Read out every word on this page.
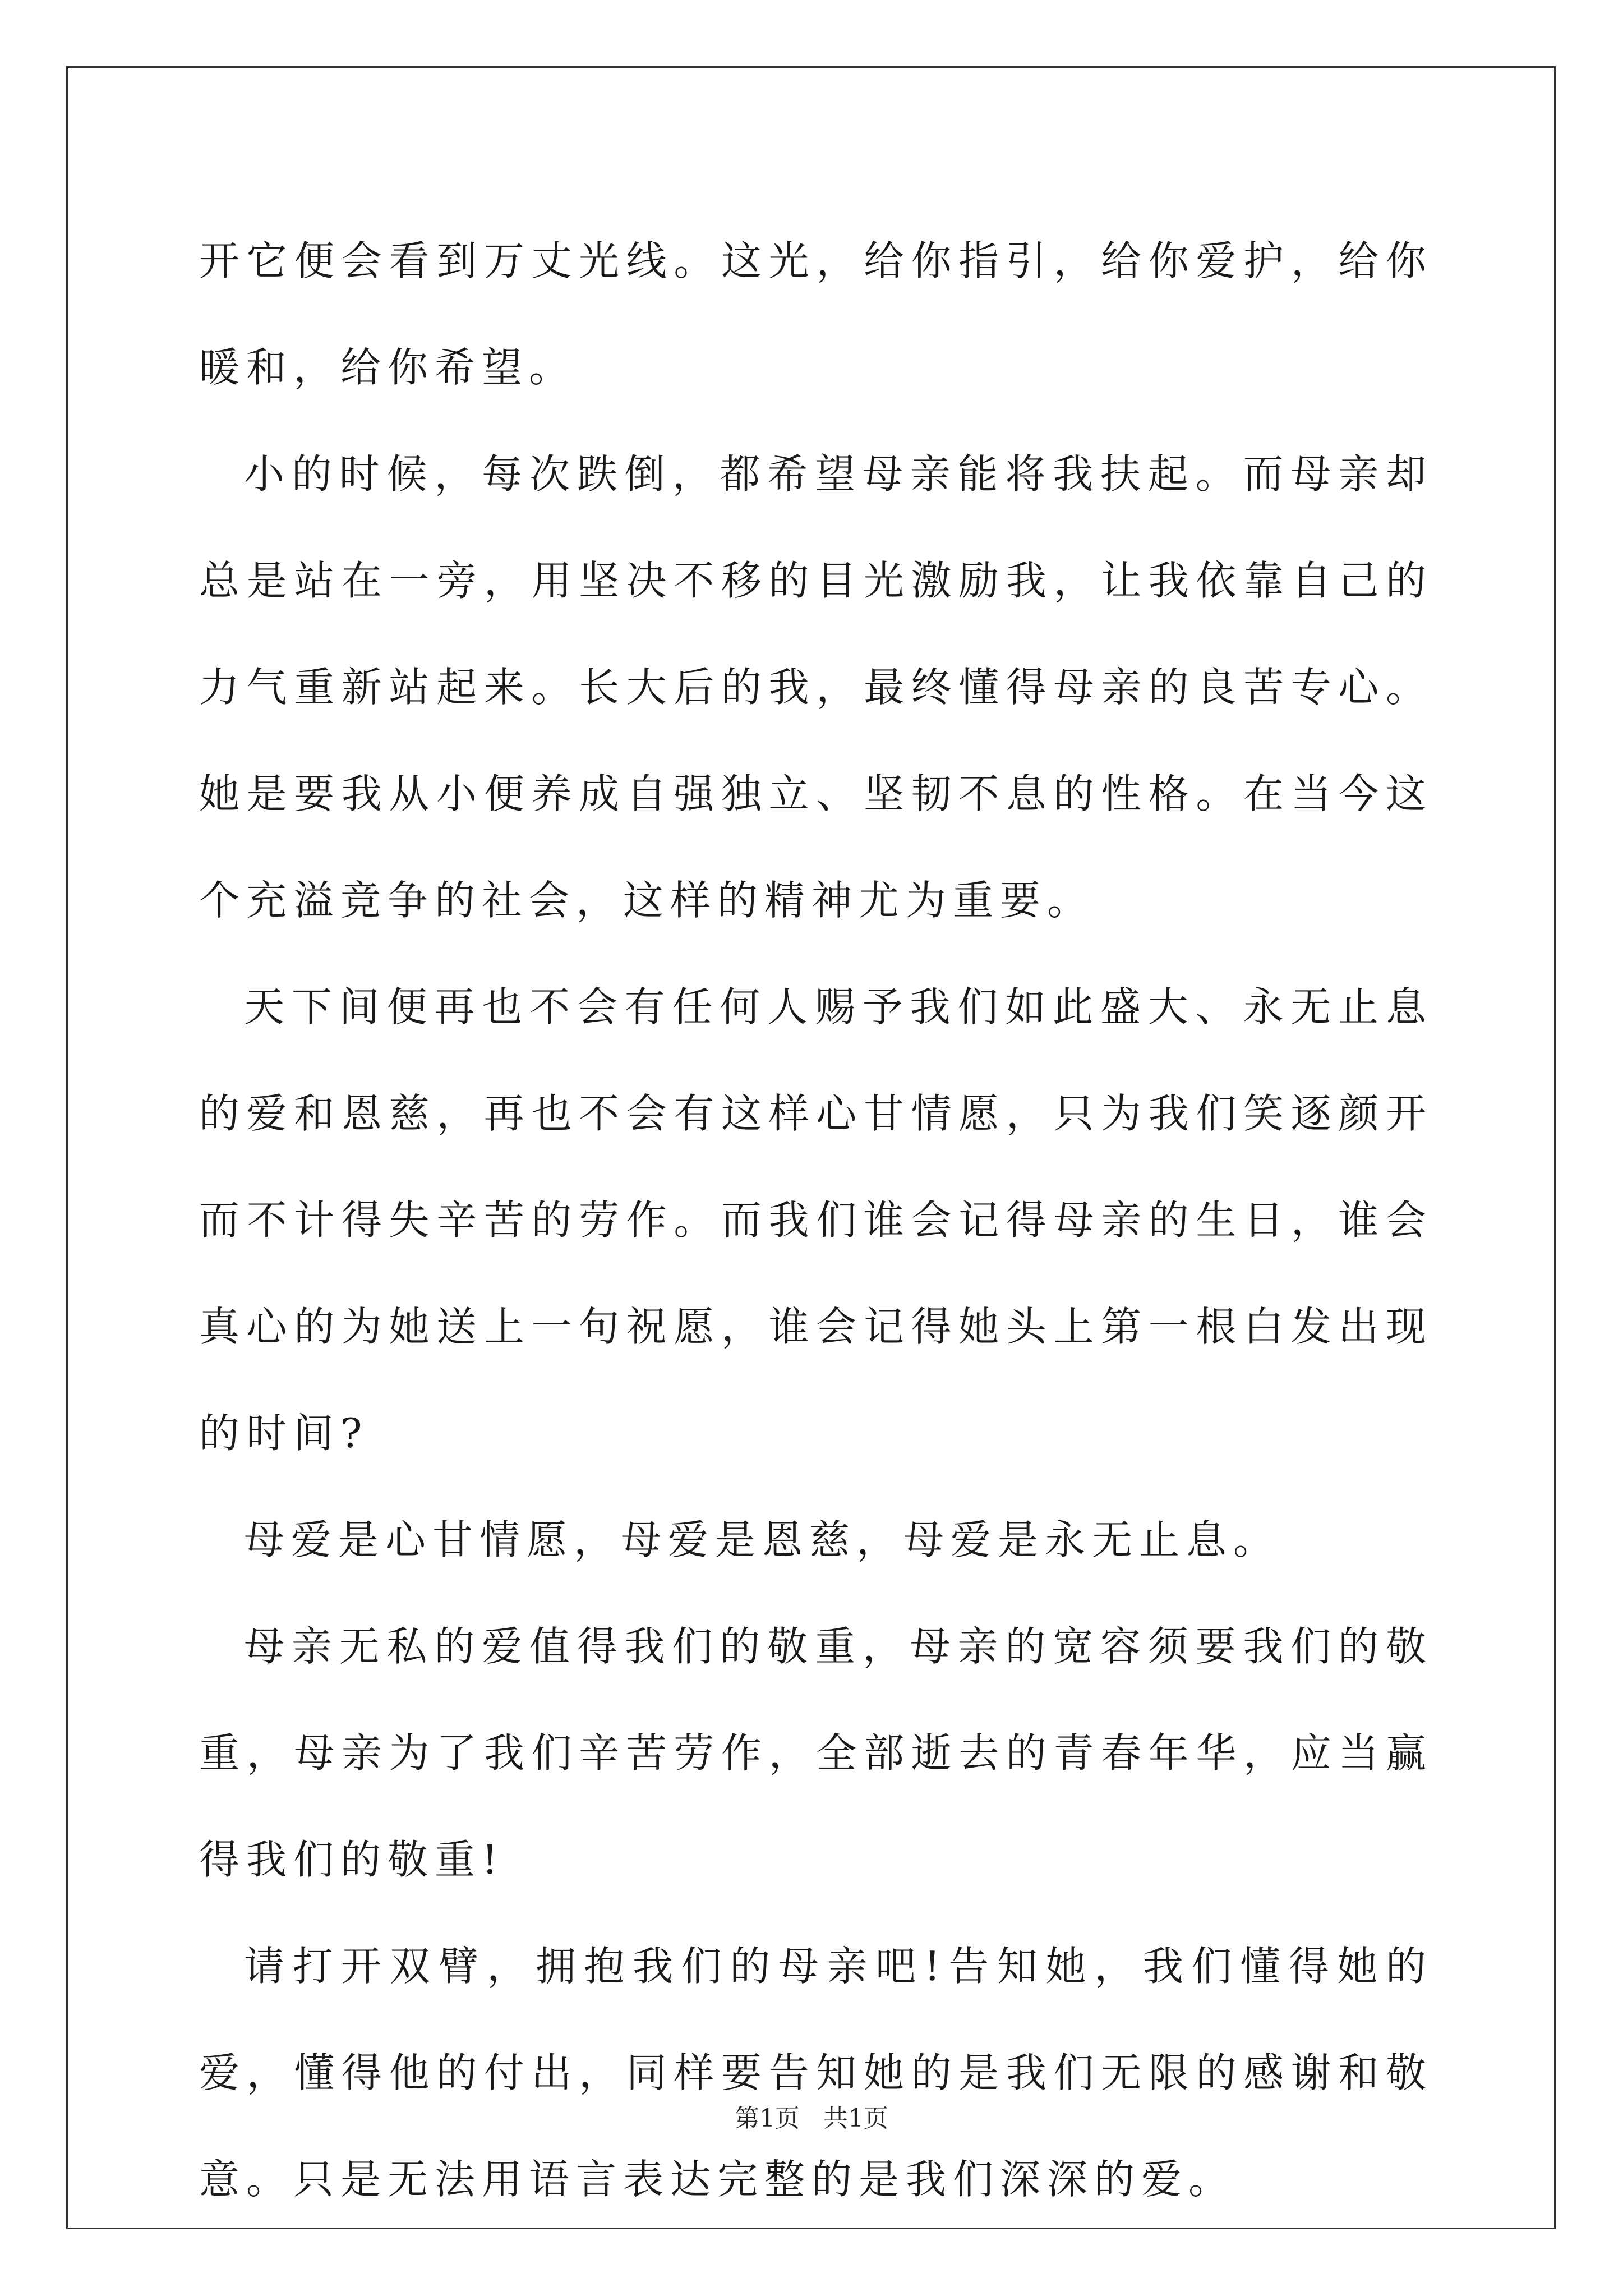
开它便会看到万丈光线。这光，给你指引，给你爱护，给你暖和，给你希望。

小的时候，每次跌倒，都希望母亲能将我扶起。而母亲却总是站在一旁，用坚决不移的目光激励我，让我依靠自己的力气重新站起来。长大后的我，最终懂得母亲的良苦专心。她是要我从小便养成自强独立、坚韧不息的性格。在当今这个充溢竞争的社会，这样的精神尤为重要。

天下间便再也不会有任何人赐予我们如此盛大、永无止息的爱和恩慈，再也不会有这样心甘情愿，只为我们笑逐颜开而不计得失辛苦的劳作。而我们谁会记得母亲的生日，谁会真心的为她送上一句祝愿，谁会记得她头上第一根白发出现的时间?

母爱是心甘情愿，母爱是恩慈，母爱是永无止息。

母亲无私的爱值得我们的敬重，母亲的宽容须要我们的敬重，母亲为了我们辛苦劳作，全部逝去的青春年华，应当赢得我们的敬重!

请打开双臂，拥抱我们的母亲吧!告知她，我们懂得她的爱，懂得他的付出，同样要告知她的是我们无限的感谢和敬意。只是无法用语言表达完整的是我们深深的爱。

第1页   共1页
